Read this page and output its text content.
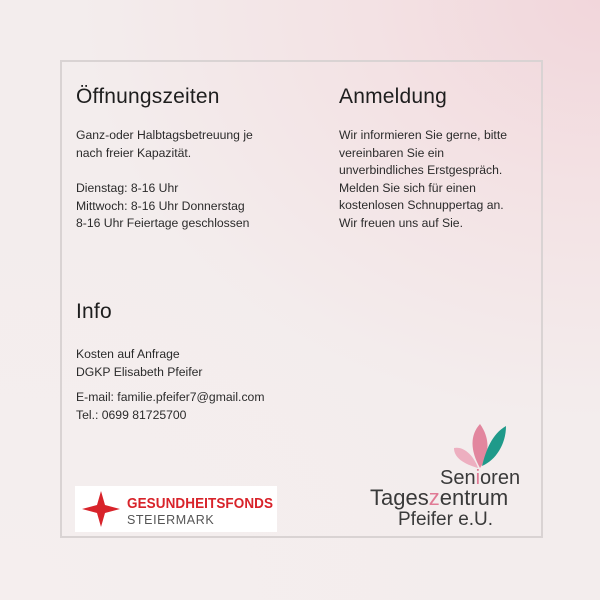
Öffnungszeiten
Ganz-oder Halbtagsbetreuung je
nach freier Kapazität.
Dienstag: 8-16 Uhr
Mittwoch: 8-16 Uhr Donnerstag
8-16 Uhr Feiertage geschlossen
Anmeldung
Wir informieren Sie gerne, bitte
vereinbaren Sie ein
unverbindliches Erstgespräch.
Melden Sie sich für einen
kostenlosen Schnuppertag an.
Wir freuen uns auf Sie.
Info
Kosten auf Anfrage
DGKP Elisabeth Pfeifer
E-mail: familie.pfeifer7@gmail.com
Tel.: 0699 81725700
GESUNDHEITSFONDS
STEIERMARK
Senioren
Tageszentrum
Pfeifer e.U.
